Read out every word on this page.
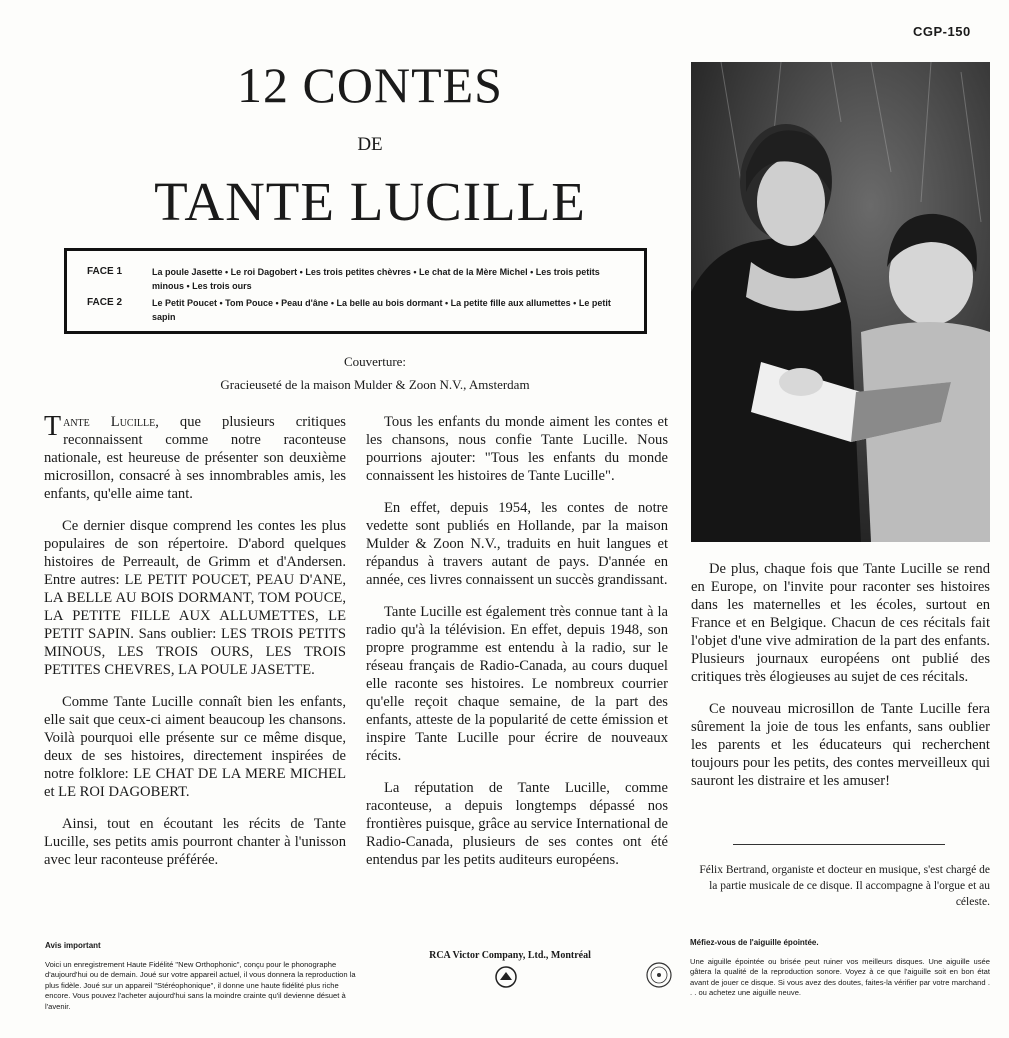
CGP-150
12 CONTES
DE
TANTE LUCILLE
FACE 1	La poule Jasette • Le roi Dagobert • Les trois petites chèvres • Le chat de la Mère Michel • Les trois petits minous • Les trois ours
FACE 2	Le Petit Poucet • Tom Pouce • Peau d'âne • La belle au bois dormant • La petite fille aux allumettes • Le petit sapin
Couverture:
Gracieuseté de la maison Mulder & Zoon N.V., Amsterdam

Tante Lucille, que plusieurs critiques reconnaissent comme notre raconteuse nationale, est heureuse de présenter son deuxième microsillon, consacré à ses innombrables amis, les enfants, qu'elle aime tant.

Ce dernier disque comprend les contes les plus populaires de son répertoire. D'abord quelques histoires de Perreault, de Grimm et d'Andersen. Entre autres: LE PETIT POUCET, PEAU D'ANE, LA BELLE AU BOIS DORMANT, TOM POUCE, LA PETITE FILLE AUX ALLUMETTES, LE PETIT SAPIN. Sans oublier: LES TROIS PETITS MINOUS, LES TROIS OURS, LES TROIS PETITES CHEVRES, LA POULE JASETTE.

Comme Tante Lucille connaît bien les enfants, elle sait que ceux-ci aiment beaucoup les chansons. Voilà pourquoi elle présente sur ce même disque, deux de ses histoires, directement inspirées de notre folklore: LE CHAT DE LA MERE MICHEL et LE ROI DAGOBERT.

Ainsi, tout en écoutant les récits de Tante Lucille, ses petits amis pourront chanter à l'unisson avec leur raconteuse préférée.

Tous les enfants du monde aiment les contes et les chansons, nous confie Tante Lucille. Nous pourrions ajouter: "Tous les enfants du monde connaissent les histoires de Tante Lucille".

En effet, depuis 1954, les contes de notre vedette sont publiés en Hollande, par la maison Mulder & Zoon N.V., traduits en huit langues et répandus à travers autant de pays. D'année en année, ces livres connaissent un succès grandissant.

Tante Lucille est également très connue tant à la radio qu'à la télévision. En effet, depuis 1948, son propre programme est entendu à la radio, sur le réseau français de Radio-Canada, au cours duquel elle raconte ses histoires. Le nombreux courrier qu'elle reçoit chaque semaine, de la part des enfants, atteste de la popularité de cette émission et inspire Tante Lucille pour écrire de nouveaux récits.

La réputation de Tante Lucille, comme raconteuse, a depuis longtemps dépassé nos frontières puisque, grâce au service International de Radio-Canada, plusieurs de ses contes ont été entendus par les petits auditeurs européens.

De plus, chaque fois que Tante Lucille se rend en Europe, on l'invite pour raconter ses histoires dans les maternelles et les écoles, surtout en France et en Belgique. Chacun de ces récitals fait l'objet d'une vive admiration de la part des enfants. Plusieurs journaux européens ont publié des critiques très élogieuses au sujet de ces récitals.

Ce nouveau microsillon de Tante Lucille fera sûrement la joie de tous les enfants, sans oublier les parents et les éducateurs qui recherchent toujours pour les petits, des contes merveilleux qui sauront les distraire et les amuser!

Félix Bertrand, organiste et docteur en musique, s'est chargé de la partie musicale de ce disque. Il accompagne à l'orgue et au céleste.
Avis important
Voici un enregistrement Haute Fidélité "New Orthophonic", conçu pour le phonographe d'aujourd'hui ou de demain. Joué sur votre appareil actuel, il vous donnera la reproduction la plus fidèle. Joué sur un appareil "Stéréophonique", il donne une haute fidélité plus riche encore. Vous pouvez l'acheter aujourd'hui sans la moindre crainte qu'il devienne désuet à l'avenir.
RCA Victor Company, Ltd., Montréal
Méfiez-vous de l'aiguille épointée.
Une aiguille épointée ou brisée peut ruiner vos meilleurs disques. Une aiguille usée gâtera la qualité de la reproduction sonore. Voyez à ce que l'aiguille soit en bon état avant de jouer ce disque. Si vous avez des doutes, faites-la vérifier par votre marchand . . . ou achetez une aiguille neuve.
